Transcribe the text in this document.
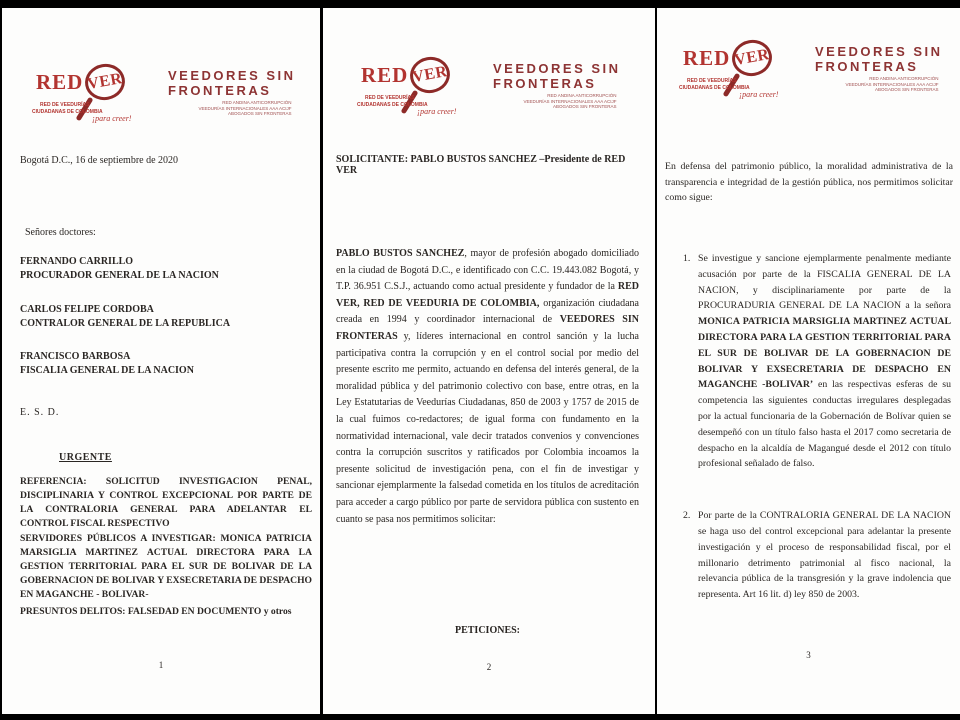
RED VER
RED DE VEEDURÍAS
CIUDADANAS DE COLOMBIA
¡para creer!
VEEDORES SIN
FRONTERAS
RED ANDINA ANTICORRUPCIÓN
VEEDURÍAS INTERNACIONALES AAA ACIJF
ABOGADOS SIN FRONTERAS
Bogotá D.C., 16 de septiembre de 2020
Señores doctores:
FERNANDO CARRILLO
PROCURADOR GENERAL DE LA NACION
CARLOS FELIPE CORDOBA
CONTRALOR GENERAL DE LA REPUBLICA
FRANCISCO BARBOSA
FISCALIA GENERAL DE LA NACION
E. S. D.
URGENTE
REFERENCIA: SOLICITUD INVESTIGACION PENAL, DISCIPLINARIA Y CONTROL EXCEPCIONAL POR PARTE DE LA CONTRALORIA GENERAL PARA ADELANTAR EL CONTROL FISCAL RESPECTIVO
SERVIDORES PÚBLICOS A INVESTIGAR: MONICA PATRICIA MARSIGLIA MARTINEZ ACTUAL DIRECTORA PARA LA GESTION TERRITORIAL PARA EL SUR DE BOLIVAR DE LA GOBERNACION DE BOLIVAR Y EXSECRETARIA DE DESPACHO EN MAGANCHE - BOLIVAR-
PRESUNTOS DELITOS: FALSEDAD EN DOCUMENTO y otros
1
RED VER
RED DE VEEDURÍAS
CIUDADANAS DE COLOMBIA
¡para creer!
VEEDORES SIN
FRONTERAS
RED ANDINA ANTICORRUPCIÓN
VEEDURÍAS INTERNACIONALES AAA ACIJF
ABOGADOS SIN FRONTERAS
SOLICITANTE: PABLO BUSTOS SANCHEZ –Presidente de RED VER
PABLO BUSTOS SANCHEZ, mayor de profesión abogado domiciliado en la ciudad de Bogotá D.C., e identificado con C.C. 19.443.082 Bogotá, y T.P. 36.951 C.S.J., actuando como actual presidente y fundador de la RED VER, RED DE VEEDURIA DE COLOMBIA, organización ciudadana creada en 1994 y coordinador internacional de VEEDORES SIN FRONTERAS y, líderes internacional en control sanción y la lucha participativa contra la corrupción y en el control social por medio del presente escrito me permito, actuando en defensa del interés general, de la moralidad pública y del patrimonio colectivo con base, entre otras, en la Ley Estatutarias de Veedurías Ciudadanas, 850 de 2003 y 1757 de 2015 de la cual fuimos co-redactores; de igual forma con fundamento en la normatividad internacional, vale decir tratados convenios y convenciones contra la corrupción suscritos y ratificados por Colombia incoamos la presente solicitud de investigación pena, con el fin de investigar y sancionar ejemplarmente la falsedad cometida en los títulos de acreditación para acceder a cargo público por parte de servidora pública con sustento en cuanto se pasa nos permitimos solicitar:
PETICIONES:
2
RED VER
RED DE VEEDURÍAS
CIUDADANAS DE COLOMBIA
¡para creer!
VEEDORES SIN
FRONTERAS
RED ANDINA ANTICORRUPCIÓN
VEEDURÍAS INTERNACIONALES AAA ACIJF
ABOGADOS SIN FRONTERAS
En defensa del patrimonio público, la moralidad administrativa de la transparencia e integridad de la gestión pública, nos permitimos solicitar como sigue:
1. Se investigue y sancione ejemplarmente penalmente mediante acusación por parte de la FISCALIA GENERAL DE LA NACION, y disciplinariamente por parte de la PROCURADURIA GENERAL DE LA NACION a la señora MONICA PATRICIA MARSIGLIA MARTINEZ ACTUAL DIRECTORA PARA LA GESTION TERRITORIAL PARA EL SUR DE BOLIVAR DE LA GOBERNACION DE BOLIVAR Y EXSECRETARIA DE DESPACHO EN MAGANCHE -BOLIVAR’ en las respectivas esferas de su competencia las siguientes conductas irregulares desplegadas por la actual funcionaria de la Gobernación de Bolívar quien se desempeñó con un título falso hasta el 2017 como secretaria de despacho en la alcaldía de Magangué desde el 2012 con título profesional señalado de falso.
2. Por parte de la CONTRALORIA GENERAL DE LA NACION se haga uso del control excepcional para adelantar la presente investigación y el proceso de responsabilidad fiscal, por el millonario detrimento patrimonial al fisco nacional, la relevancia pública de la transgresión y la grave indolencia que representa. Art 16 lit. d) ley 850 de 2003.
3
